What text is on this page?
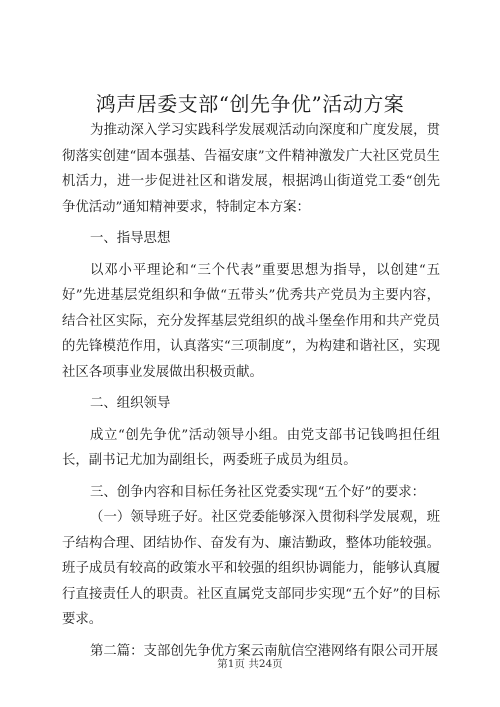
鸿声居委支部“创先争优”活动方案

为推动深入学习实践科学发展观活动向深度和广度发展，贯彻落实创建“固本强基、告福安康”文件精神激发广大社区党员生机活力，进一步促进社区和谐发展，根据鸿山街道党工委“创先争优活动”通知精神要求，特制定本方案：

一、指导思想

以邓小平理论和“三个代表”重要思想为指导，以创建“五好”先进基层党组织和争做“五带头”优秀共产党员为主要内容，结合社区实际，充分发挥基层党组织的战斗堡垒作用和共产党员的先锋模范作用，认真落实“三项制度”，为构建和谐社区，实现社区各项事业发展做出积极贡献。

二、组织领导

成立“创先争优”活动领导小组。由党支部书记钱鸣担任组长，副书记尤加为副组长，两委班子成员为组员。

三、创争内容和目标任务社区党委实现“五个好”的要求：

（一）领导班子好。社区党委能够深入贯彻科学发展观，班子结构合理、团结协作、奋发有为、廉洁勤政，整体功能较强。班子成员有较高的政策水平和较强的组织协调能力，能够认真履行直接责任人的职责。社区直属党支部同步实现“五个好”的目标要求。

第二篇：支部创先争优方案云南航信空港网络有限公司开展

第1页 共24页
